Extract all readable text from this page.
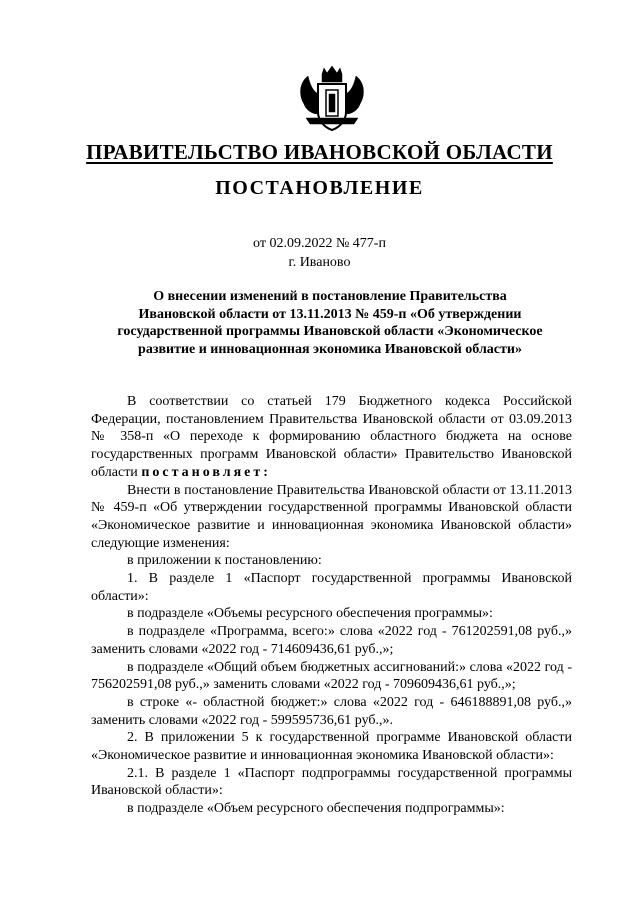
ПРАВИТЕЛЬСТВО ИВАНОВСКОЙ ОБЛАСТИ
ПОСТАНОВЛЕНИЕ
от 02.09.2022 № 477-п
г. Иваново
О внесении изменений в постановление Правительства
Ивановской области от 13.11.2013 № 459-п «Об утверждении
государственной программы Ивановской области «Экономическое
развитие и инновационная экономика Ивановской области»

В соответствии со статьей 179 Бюджетного кодекса Российской Федерации, постановлением Правительства Ивановской области от 03.09.2013 № 358-п «О переходе к формированию областного бюджета на основе государственных программ Ивановской области» Правительство Ивановской области постановляет:

Внести в постановление Правительства Ивановской области от 13.11.2013 № 459-п «Об утверждении государственной программы Ивановской области «Экономическое развитие и инновационная экономика Ивановской области» следующие изменения:

в приложении к постановлению:

1. В разделе 1 «Паспорт государственной программы Ивановской области»:

в подразделе «Объемы ресурсного обеспечения программы»:

в подразделе «Программа, всего:» слова «2022 год - 761202591,08 руб.,» заменить словами «2022 год - 714609436,61 руб.,»;

в подразделе «Общий объем бюджетных ассигнований:» слова «2022 год - 756202591,08 руб.,» заменить словами «2022 год - 709609436,61 руб.,»;

в строке «- областной бюджет:» слова «2022 год - 646188891,08 руб.,» заменить словами «2022 год - 599595736,61 руб.,».

2. В приложении 5 к государственной программе Ивановской области «Экономическое развитие и инновационная экономика Ивановской области»:

2.1. В разделе 1 «Паспорт подпрограммы государственной программы Ивановской области»:

в подразделе «Объем ресурсного обеспечения подпрограммы»:
